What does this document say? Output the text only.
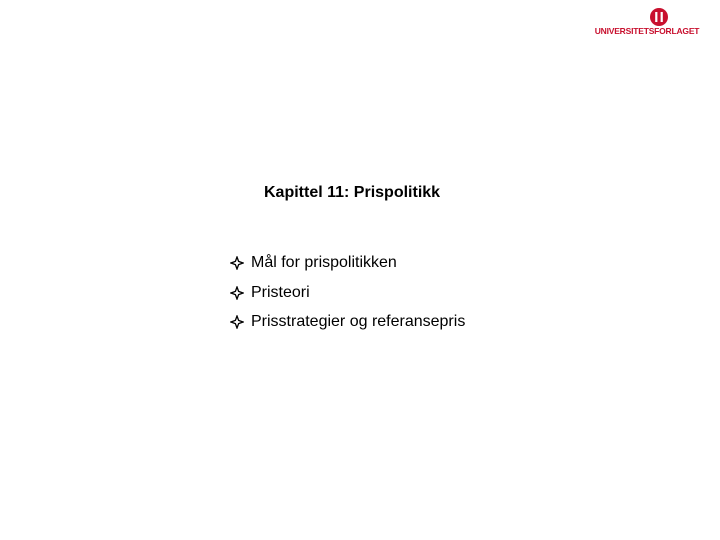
UNIVERSITETSFORLAGET
Kapittel 11: Prispolitikk
Mål for prispolitikken
Pristeori
Prisstrategier og referansepris
